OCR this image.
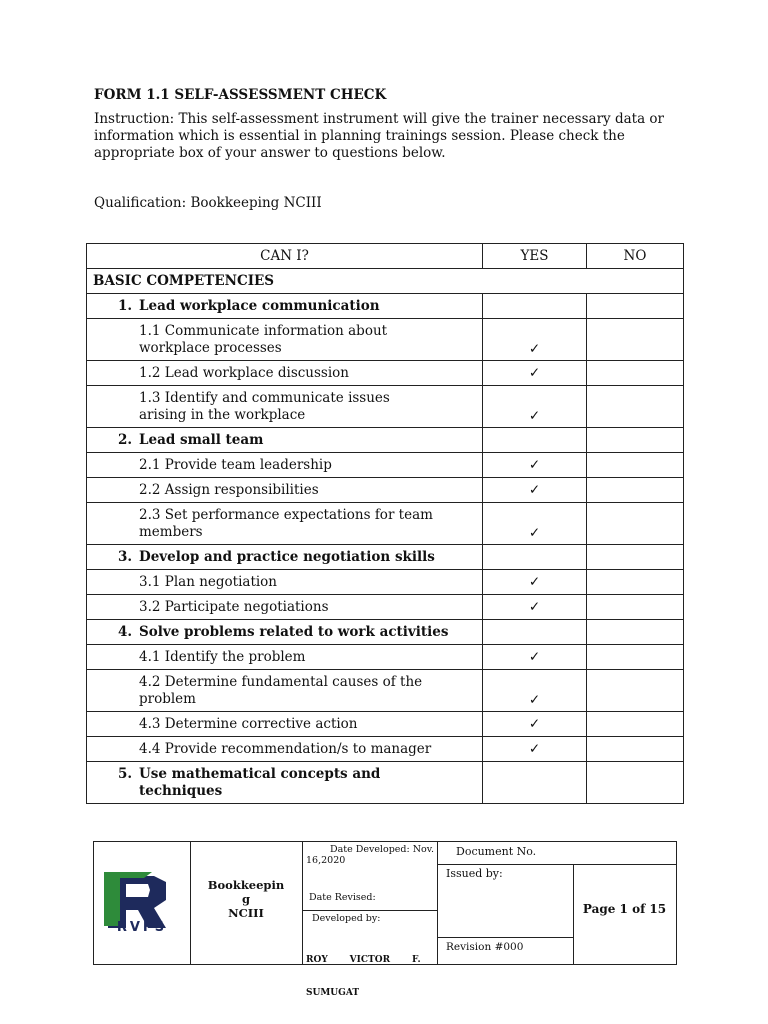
FORM 1.1 SELF-ASSESSMENT CHECK
Instruction: This self-assessment instrument will give the trainer necessary data or information which is essential in planning trainings session. Please check the appropriate box of your answer to questions below.
Qualification: Bookkeeping NCIII
CAN I?	YES	NO
BASIC COMPETENCIES		

1. Lead workplace communication		

1.1 Communicate information about
workplace processes	✓	
1.2 Lead workplace discussion	✓	

1.3 Identify and communicate issues
arising in the workplace	✓	

2. Lead small team		

2.1 Provide team leadership	✓	
2.2 Assign responsibilities	✓	

2.3 Set performance expectations for team
members	✓	

3. Develop and practice negotiation skills		

3.1 Plan negotiation	✓	
3.2 Participate negotiations	✓	

4. Solve problems related to work activities		

4.1 Identify the problem	✓	

4.2 Determine fundamental causes of the
problem	✓	
4.3 Determine corrective action	✓	
4.4 Provide recommendation/s to manager	✓	

5. Use mathematical concepts and
techniques		

RVFS
Bookkeepin
g
NCIII
Date Developed: Nov.
16,2020
Date Revised:
Developed by:

ROY       VICTOR       F.

SUMUGAT

Document No.
Issued by:
Revision #000
Page 1 of 15
